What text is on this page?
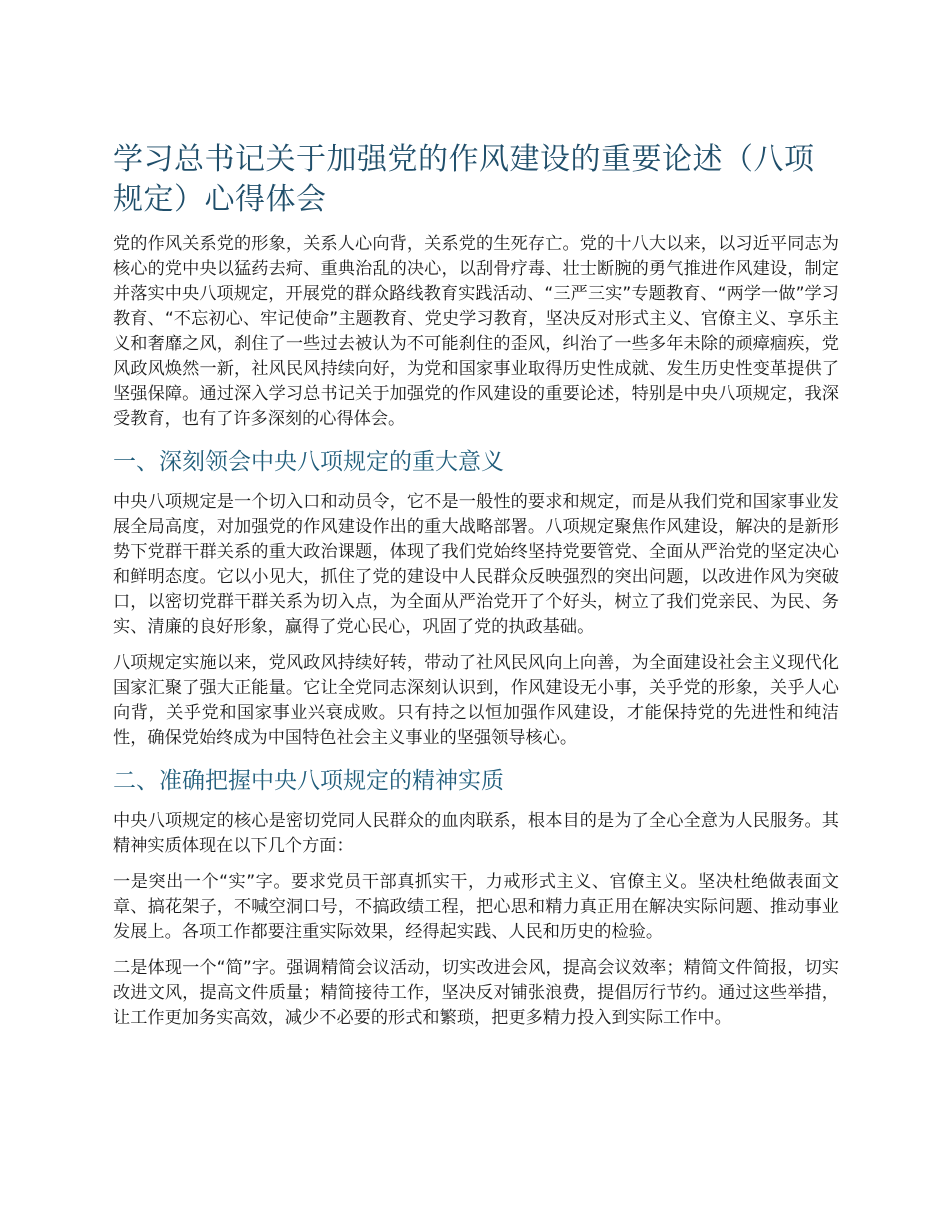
学习总书记关于加强党的作风建设的重要论述（八项规定）心得体会

党的作风关系党的形象，关系人心向背，关系党的生死存亡。党的十八大以来，以习近平同志为核心的党中央以猛药去疴、重典治乱的决心，以刮骨疗毒、壮士断腕的勇气推进作风建设，制定并落实中央八项规定，开展党的群众路线教育实践活动、“三严三实”专题教育、“两学一做”学习教育、“不忘初心、牢记使命”主题教育、党史学习教育，坚决反对形式主义、官僚主义、享乐主义和奢靡之风，刹住了一些过去被认为不可能刹住的歪风，纠治了一些多年未除的顽瘴痼疾，党风政风焕然一新，社风民风持续向好，为党和国家事业取得历史性成就、发生历史性变革提供了坚强保障。通过深入学习总书记关于加强党的作风建设的重要论述，特别是中央八项规定，我深受教育，也有了许多深刻的心得体会。

一、深刻领会中央八项规定的重大意义

中央八项规定是一个切入口和动员令，它不是一般性的要求和规定，而是从我们党和国家事业发展全局高度，对加强党的作风建设作出的重大战略部署。八项规定聚焦作风建设，解决的是新形势下党群干群关系的重大政治课题，体现了我们党始终坚持党要管党、全面从严治党的坚定决心和鲜明态度。它以小见大，抓住了党的建设中人民群众反映强烈的突出问题，以改进作风为突破口，以密切党群干群关系为切入点，为全面从严治党开了个好头，树立了我们党亲民、为民、务实、清廉的良好形象，赢得了党心民心，巩固了党的执政基础。

八项规定实施以来，党风政风持续好转，带动了社风民风向上向善，为全面建设社会主义现代化国家汇聚了强大正能量。它让全党同志深刻认识到，作风建设无小事，关乎党的形象，关乎人心向背，关乎党和国家事业兴衰成败。只有持之以恒加强作风建设，才能保持党的先进性和纯洁性，确保党始终成为中国特色社会主义事业的坚强领导核心。

二、准确把握中央八项规定的精神实质

中央八项规定的核心是密切党同人民群众的血肉联系，根本目的是为了全心全意为人民服务。其精神实质体现在以下几个方面：

一是突出一个“实”字。要求党员干部真抓实干，力戒形式主义、官僚主义。坚决杜绝做表面文章、搞花架子，不喊空洞口号，不搞政绩工程，把心思和精力真正用在解决实际问题、推动事业发展上。各项工作都要注重实际效果，经得起实践、人民和历史的检验。

二是体现一个“简”字。强调精简会议活动，切实改进会风，提高会议效率；精简文件简报，切实改进文风，提高文件质量；精简接待工作，坚决反对铺张浪费，提倡厉行节约。通过这些举措，让工作更加务实高效，减少不必要的形式和繁琐，把更多精力投入到实际工作中。
